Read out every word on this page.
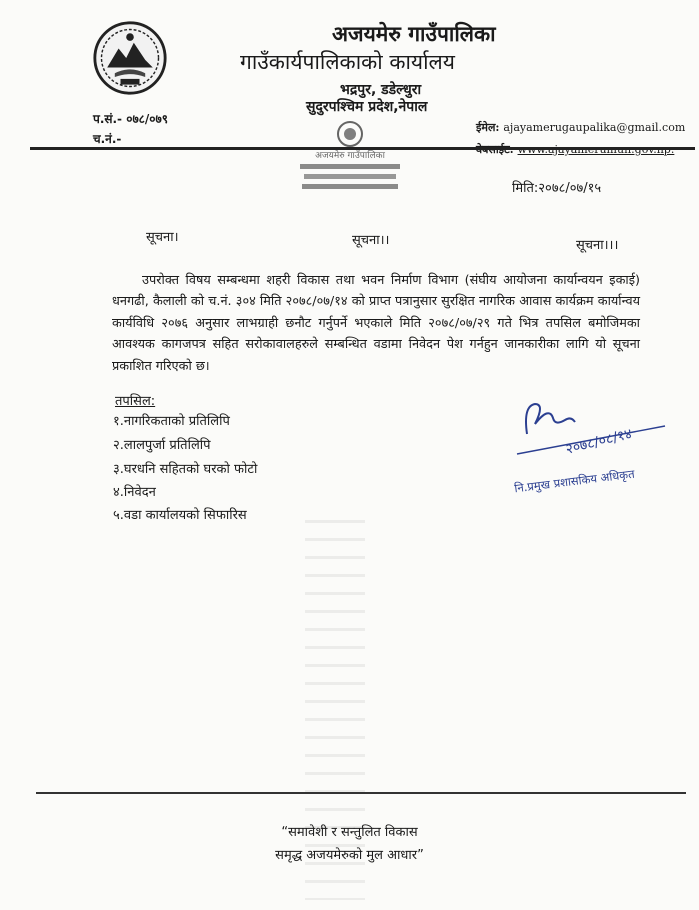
अजयमेरु गाउँपालिका
गाउँकार्यपालिकाको कार्यालय
भद्रपुर, डडेल्धुरा
सुदुरपश्चिम प्रदेश,नेपाल
प.सं.- ०७८/०७९
च.नं.-
ईमेल: ajayamerugaupalika@gmail.com
अजयमेरु गाउँपालिका
मिति:२०७८/०७/१५
सूचना।	सूचना।।	सूचना।।।

उपरोक्त विषय सम्बन्धमा शहरी विकास तथा भवन निर्माण विभाग (संघीय आयोजना कार्यान्वयन इकाई) धनगढी, कैलाली को च.नं. ३०४ मिति २०७८/०७/१४ को प्राप्त पत्रानुसार सुरक्षित नागरिक आवास कार्यक्रम कार्यान्वय कार्यविधि २०७६ अनुसार लाभग्राही छनौट गर्नुपर्ने भएकाले मिति २०७८/०७/२९ गते भित्र तपसिल बमोजिमका आवश्यक कागजपत्र सहित सरोकावालहरुले सम्बन्धित वडामा निवेदन पेश गर्नहुन जानकारीका लागि यो सूचना प्रकाशित गरिएको छ।

तपसिल:
१.नागरिकताको प्रतिलिपि
२.लालपुर्जा प्रतिलिपि
३.घरधनि सहितको घरको फोटो
४.निवेदन
५.वडा कार्यालयको सिफारिस
२०७८/०८/१४
नि.प्रमुख प्रशासकिय अधिकृत
“समावेशी र सन्तुलित विकास
समृद्ध अजयमेरुको मुल आधार”
